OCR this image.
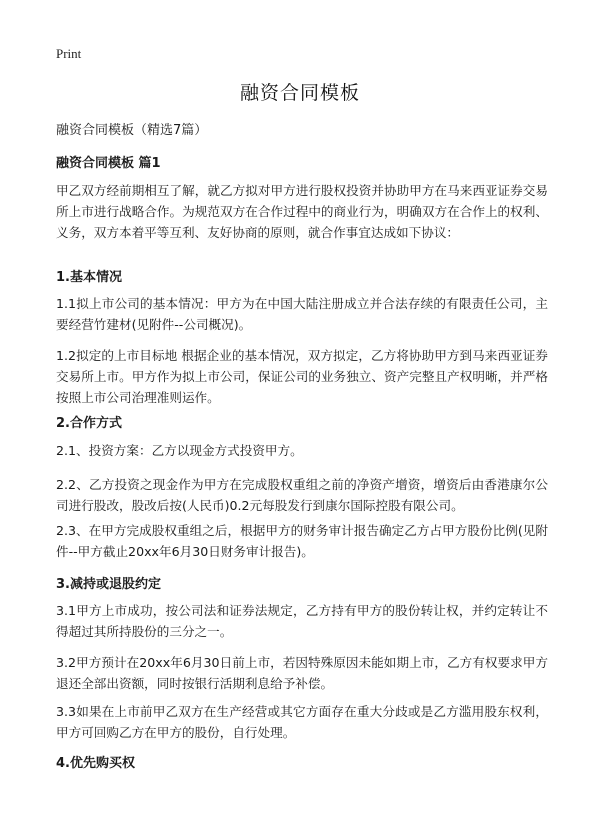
Print
融资合同模板
融资合同模板（精选7篇）
融资合同模板 篇1
甲乙双方经前期相互了解，就乙方拟对甲方进行股权投资并协助甲方在马来西亚证券交易所上市进行战略合作。为规范双方在合作过程中的商业行为，明确双方在合作上的权利、义务，双方本着平等互利、友好协商的原则，就合作事宜达成如下协议：
1.基本情况
1.1拟上市公司的基本情况：甲方为在中国大陆注册成立并合法存续的有限责任公司，主要经营竹建材(见附件--公司概况)。
1.2拟定的上市目标地 根据企业的基本情况，双方拟定，乙方将协助甲方到马来西亚证券交易所上市。甲方作为拟上市公司，保证公司的业务独立、资产完整且产权明晰，并严格按照上市公司治理准则运作。
2.合作方式
2.1、投资方案：乙方以现金方式投资甲方。
2.2、乙方投资之现金作为甲方在完成股权重组之前的净资产增资，增资后由香港康尔公司进行股改，股改后按(人民币)0.2元每股发行到康尔国际控股有限公司。
2.3、在甲方完成股权重组之后，根据甲方的财务审计报告确定乙方占甲方股份比例(见附件--甲方截止20xx年6月30日财务审计报告)。
3.减持或退股约定
3.1甲方上市成功，按公司法和证券法规定，乙方持有甲方的股份转让权，并约定转让不得超过其所持股份的三分之一。
3.2甲方预计在20xx年6月30日前上市，若因特殊原因未能如期上市，乙方有权要求甲方退还全部出资额，同时按银行活期利息给予补偿。
3.3如果在上市前甲乙双方在生产经营或其它方面存在重大分歧或是乙方滥用股东权利，甲方可回购乙方在甲方的股份，自行处理。
4.优先购买权
